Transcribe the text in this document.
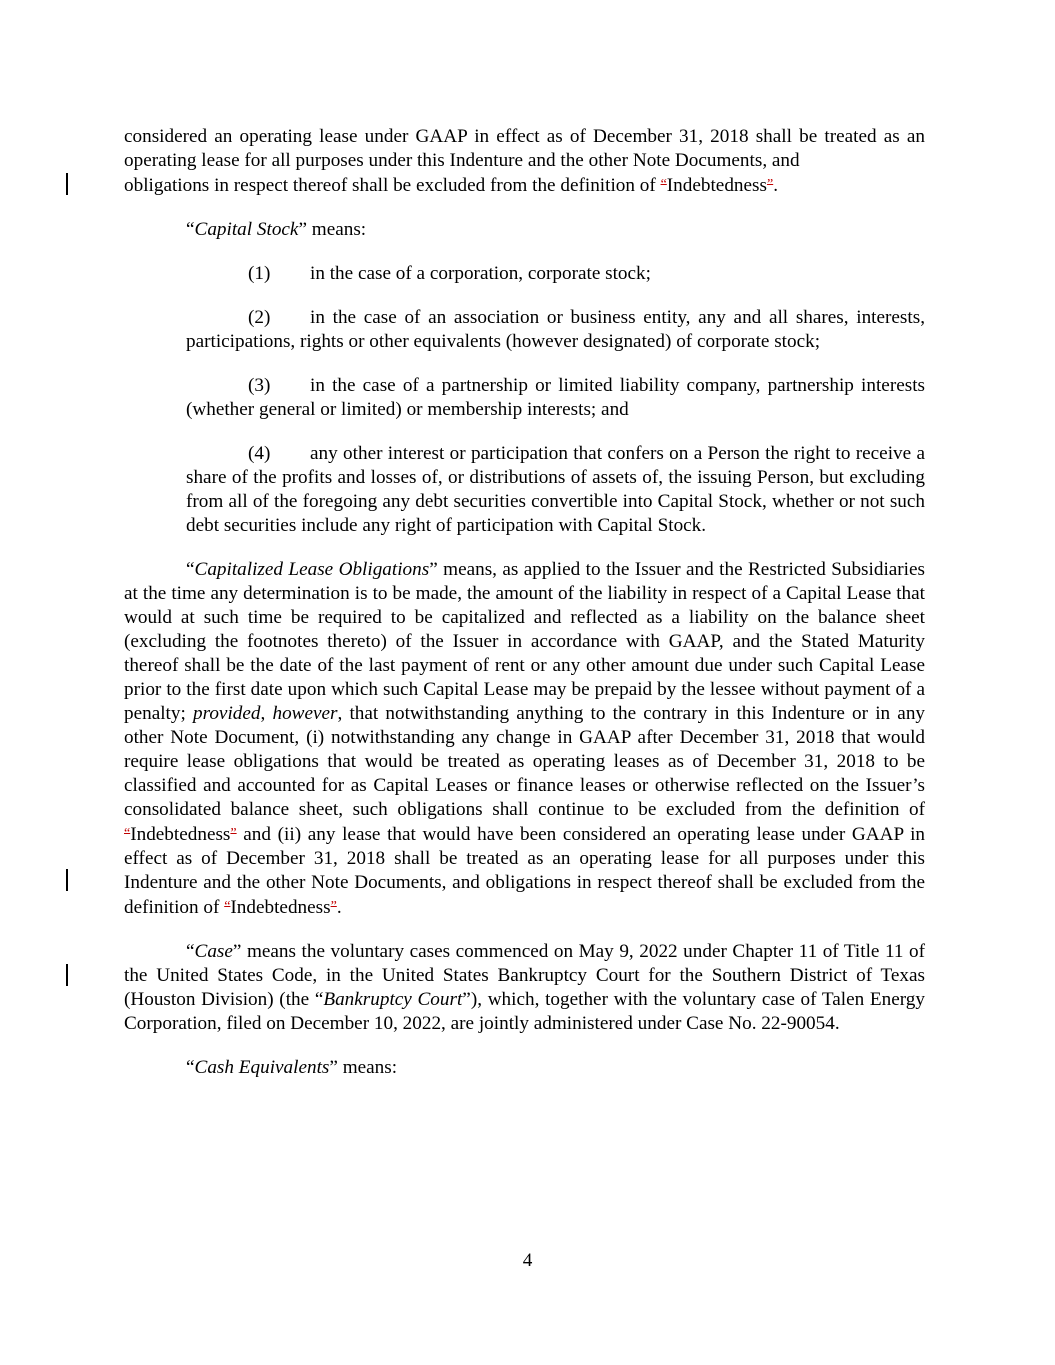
considered an operating lease under GAAP in effect as of December 31, 2018 shall be treated as an operating lease for all purposes under this Indenture and the other Note Documents, and
obligations in respect thereof shall be excluded from the definition of “Indebtedness”.

“Capital Stock” means:

(1) in the case of a corporation, corporate stock;

(2) in the case of an association or business entity, any and all shares, interests, participations, rights or other equivalents (however designated) of corporate stock;

(3) in the case of a partnership or limited liability company, partnership interests (whether general or limited) or membership interests; and

(4) any other interest or participation that confers on a Person the right to receive a share of the profits and losses of, or distributions of assets of, the issuing Person, but excluding from all of the foregoing any debt securities convertible into Capital Stock, whether or not such debt securities include any right of participation with Capital Stock.

“Capitalized Lease Obligations” means, as applied to the Issuer and the Restricted Subsidiaries at the time any determination is to be made, the amount of the liability in respect of a Capital Lease that would at such time be required to be capitalized and reflected as a liability on the balance sheet (excluding the footnotes thereto) of the Issuer in accordance with GAAP, and the Stated Maturity thereof shall be the date of the last payment of rent or any other amount due under such Capital Lease prior to the first date upon which such Capital Lease may be prepaid by the lessee without payment of a penalty; provided, however, that notwithstanding anything to the contrary in this Indenture or in any other Note Document, (i) notwithstanding any change in GAAP after December 31, 2018 that would require lease obligations that would be treated as operating leases as of December 31, 2018 to be classified and accounted for as Capital Leases or finance leases or otherwise reflected on the Issuer’s consolidated balance sheet, such obligations shall continue to be excluded from the definition of “Indebtedness” and (ii) any lease that would have been considered an operating lease under GAAP in effect as of December 31, 2018 shall be treated as an operating lease for all purposes under this Indenture and the other Note Documents, and obligations in respect thereof shall be excluded from the definition of “Indebtedness”.

“Case” means the voluntary cases commenced on May 9, 2022 under Chapter 11 of Title 11 of the United States Code, in the United States Bankruptcy Court for the Southern District of Texas (Houston Division) (the “Bankruptcy Court”), which, together with the voluntary case of Talen Energy Corporation, filed on December 10, 2022, are jointly administered under Case No. 22-90054.

“Cash Equivalents” means:

4
